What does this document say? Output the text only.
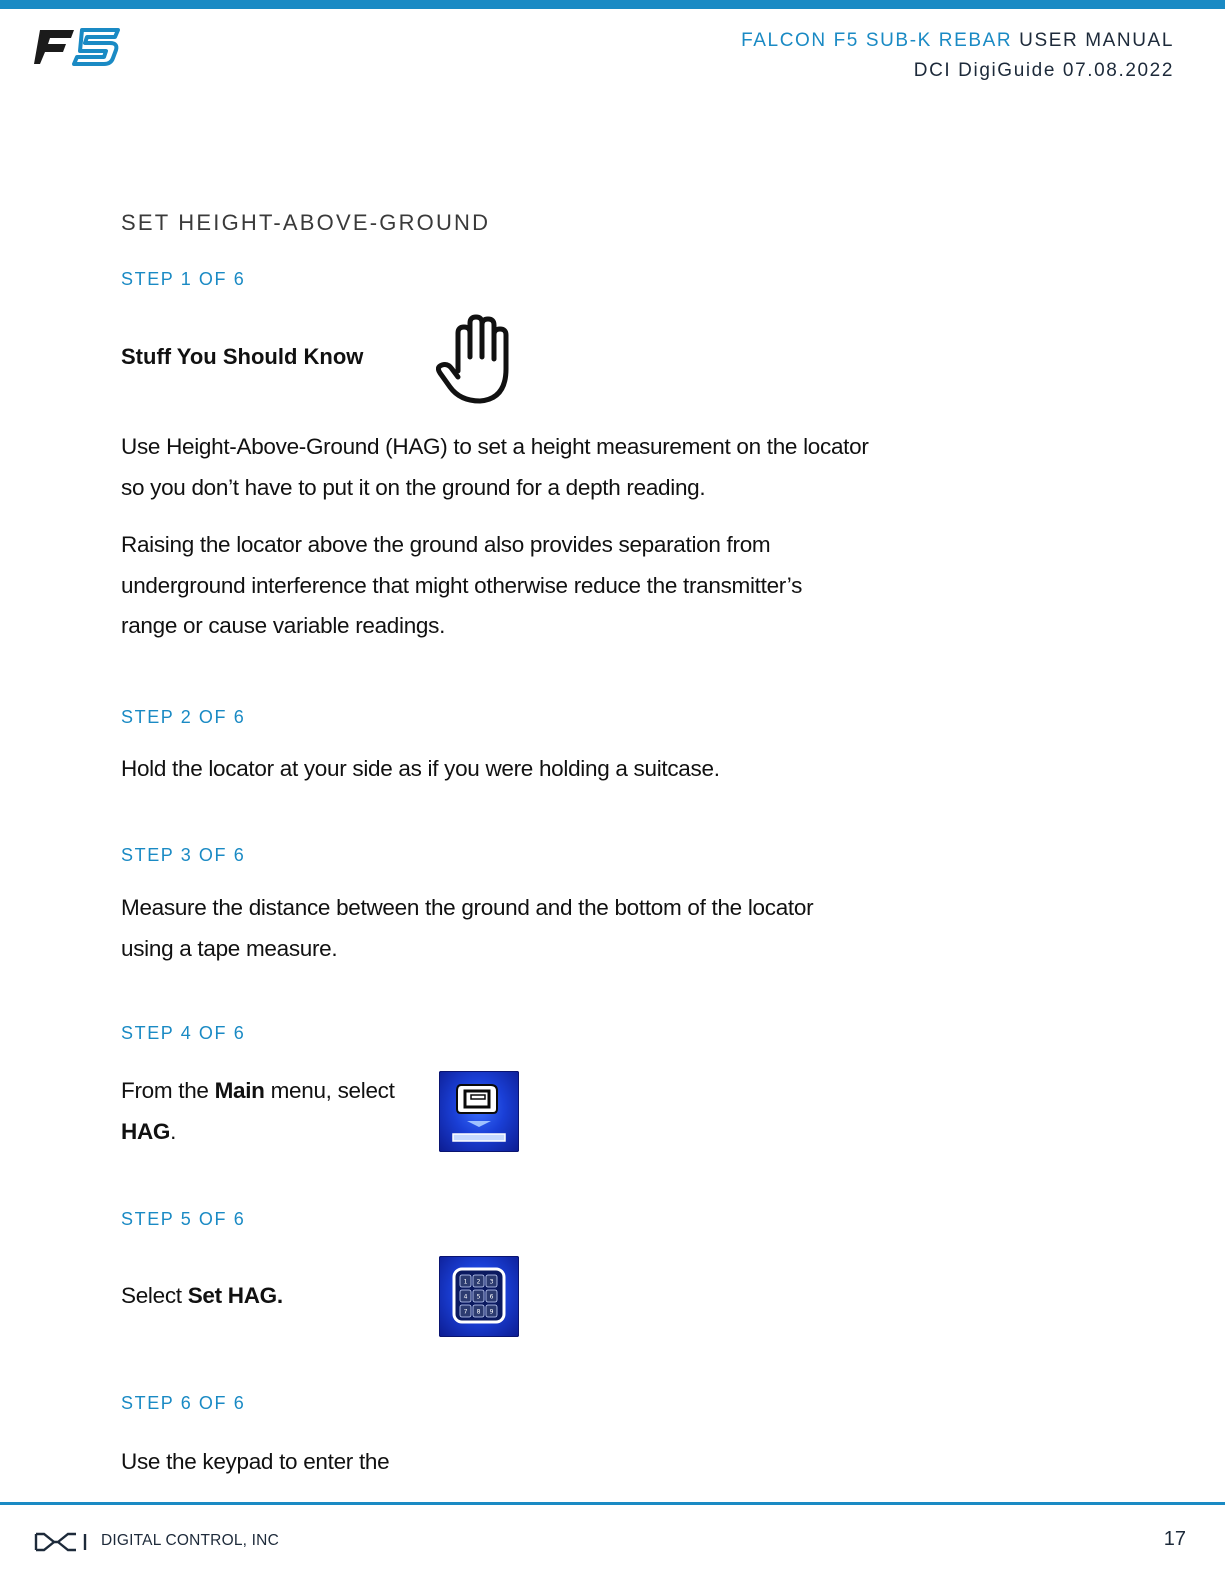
FALCON F5 SUB-K REBAR USER MANUAL
DCI DigiGuide 07.08.2022
SET HEIGHT-ABOVE-GROUND
STEP 1 OF 6
Stuff You Should Know
Use Height-Above-Ground (HAG) to set a height measurement on the locator
so you don’t have to put it on the ground for a depth reading.
Raising the locator above the ground also provides separation from
underground interference that might otherwise reduce the transmitter’s
range or cause variable readings.
STEP 2 OF 6
Hold the locator at your side as if you were holding a suitcase.
STEP 3 OF 6
Measure the distance between the ground and the bottom of the locator
using a tape measure.
STEP 4 OF 6
From the Main menu, select
HAG.
STEP 5 OF 6
Select Set HAG.
1 2 3
4 5 6
7 8 9
STEP 6 OF 6
Use the keypad to enter the
DIGITAL CONTROL, INC	17
